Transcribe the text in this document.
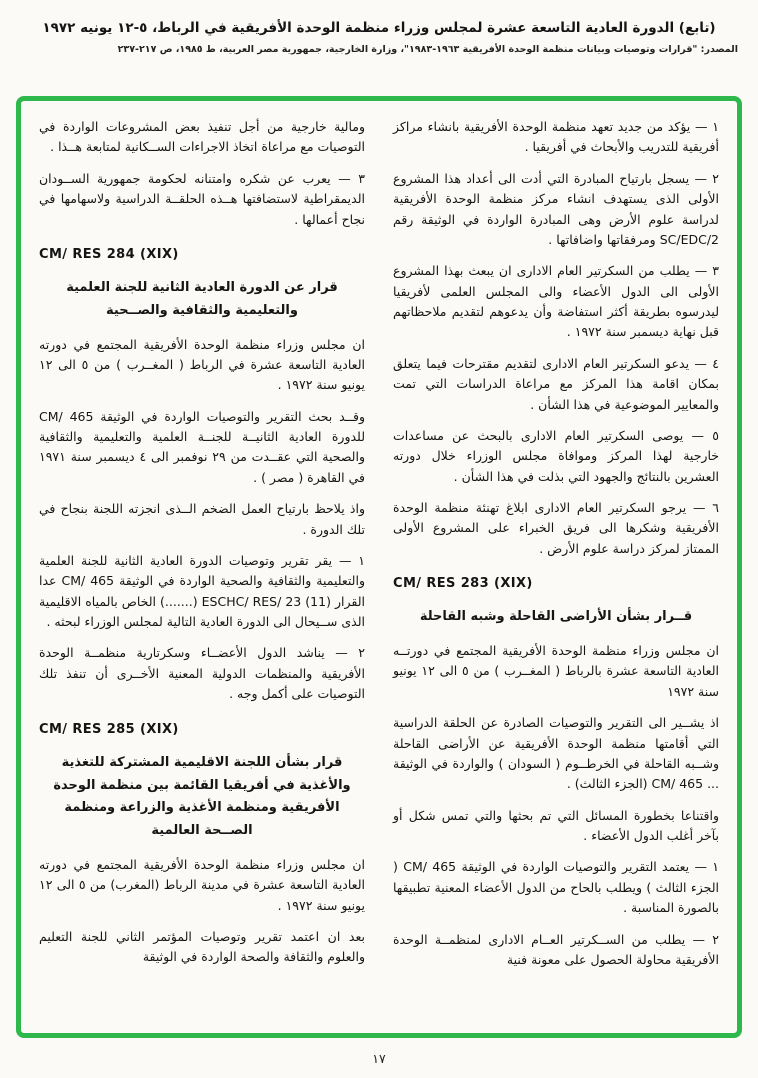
(تابع) الدورة العادية التاسعة عشرة لمجلس وزراء منظمة الوحدة الأفريقية في الرباط، ٥-١٢ يونيه ١٩٧٢
المصدر: "قرارات وتوصيات وبيانات منظمة الوحدة الأفريقية ١٩٦٣-١٩٨٣"، وزارة الخارجية، جمهورية مصر العربية، ط ١٩٨٥، ص ٢١٧-٢٣٧

١ — يؤكد من جديد تعهد منظمة الوحدة الأفريقية بانشاء مراكز أفريقية للتدريب والأبحاث في أفريقيا .

٢ — يسجل بارتياح المبادرة التي أدت الى أعداد هذا المشروع الأولى الذى يستهدف انشاء مركز منظمة الوحدة الأفريقية لدراسة علوم الأرض وهى المبادرة الواردة في الوثيقة رقم SC/EDC/2 ومرفقاتها واضافاتها .

٣ — يطلب من السكرتير العام الادارى ان يبعث بهذا المشروع الأولى الى الدول الأعضاء والى المجلس العلمى لأفريقيا ليدرسوه بطريقة أكثر استفاضة وأن يدعوهم لتقديم ملاحظاتهم قبل نهاية ديسمبر سنة ١٩٧٢ .

٤ — يدعو السكرتير العام الادارى لتقديم مقترحات فيما يتعلق بمكان اقامة هذا المركز مع مراعاة الدراسات التي تمت والمعايير الموضوعية في هذا الشأن .

٥ — يوصى السكرتير العام الادارى بالبحث عن مساعدات خارجية لهذا المركز وموافاة مجلس الوزراء خلال دورته العشرين بالنتائج والجهود التي بذلت في هذا الشأن .

٦ — يرجو السكرتير العام الادارى ابلاغ تهنئة منظمة الوحدة الأفريقية وشكرها الى فريق الخبراء على المشروع الأولى الممتاز لمركز دراسة علوم الأرض .

CM/ RES 283 (XIX)
قــرار بشأن الأراضى القاحلة وشبه القاحلة

ان مجلس وزراء منظمة الوحدة الأفريقية المجتمع في دورتــه العادية التاسعة عشرة بالرباط ( المغــرب ) من ٥ الى ١٢ يونيو سنة ١٩٧٢

اذ يشــير الى التقرير والتوصيات الصادرة عن الحلقة الدراسية التي أقامتها منظمة الوحدة الأفريقية عن الأراضى القاحلة وشــبه القاحلة في الخرطــوم ( السودان ) والواردة في الوثيقة ... CM/ 465 (الجزء الثالث) .

واقتناعا بخطورة المسائل التي تم بحثها والتي تمس شكل أو بآخر أغلب الدول الأعضاء .

١ — يعتمد التقرير والتوصيات الواردة في الوثيقة CM/ 465 ( الجزء الثالث ) ويطلب بالحاح من الدول الأعضاء المعنية تطبيقها بالصورة المناسبة .

٢ — يطلب من الســكرتير العــام الادارى لمنظمــة الوحدة الأفريقية محاولة الحصول على معونة فنية

ومالية خارجية من أجل تنفيذ بعض المشروعات الواردة في التوصيات مع مراعاة اتخاذ الاجراءات الســكانية لمتابعة هــذا .

٣ — يعرب عن شكره وامتنانه لحكومة جمهورية الســودان الديمقراطية لاستضافتها هــذه الحلقــة الدراسية ولاسهامها في نجاح أعمالها .

CM/ RES 284 (XIX)
قرار عن الدورة العادية الثانية للجنة العلمية والتعليمية والثقافية والصــحية

ان مجلس وزراء منظمة الوحدة الأفريقية المجتمع في دورته العادية التاسعة عشرة في الرباط ( المغــرب ) من ٥ الى ١٢ يونيو سنة ١٩٧٢ .

وقــد بحث التقرير والتوصيات الواردة في الوثيقة CM/ 465 للدورة العادية الثانيــة للجنــة العلمية والتعليمية والثقافية والصحية التي عقــدت من ٢٩ نوفمبر الى ٤ ديسمبر سنة ١٩٧١ في القاهرة ( مصر ) .

واذ يلاحظ بارتياح العمل الضخم الــذى انجزته اللجنة بنجاح في تلك الدورة .

١ — يقر تقرير وتوصيات الدورة العادية الثانية للجنة العلمية والتعليمية والثقافية والصحية الواردة في الوثيقة CM/ 465 عدا القرار ESCHC/ RES/ 23 (11) (.......) الخاص بالمياه الاقليمية الذى ســيحال الى الدورة العادية التالية لمجلس الوزراء لبحثه .

٢ — يناشد الدول الأعضــاء وسكرتارية منظمــة الوحدة الأفريقية والمنظمات الدولية المعنية الأخــرى أن تنفذ تلك التوصيات على أكمل وجه .

CM/ RES 285 (XIX)
قرار بشأن اللجنة الاقليمية المشتركة للتغذية والأغذية في أفريقيا القائمة بين منظمة الوحدة الأفريقية ومنظمة الأغذية والزراعة ومنظمة الصــحة العالمية

ان مجلس وزراء منظمة الوحدة الأفريقية المجتمع في دورته العادية التاسعة عشرة في مدينة الرباط (المغرب) من ٥ الى ١٢ يونيو سنة ١٩٧٢ .

بعد ان اعتمد تقرير وتوصيات المؤتمر الثاني للجنة التعليم والعلوم والثقافة والصحة الواردة في الوثيقة

١٧
